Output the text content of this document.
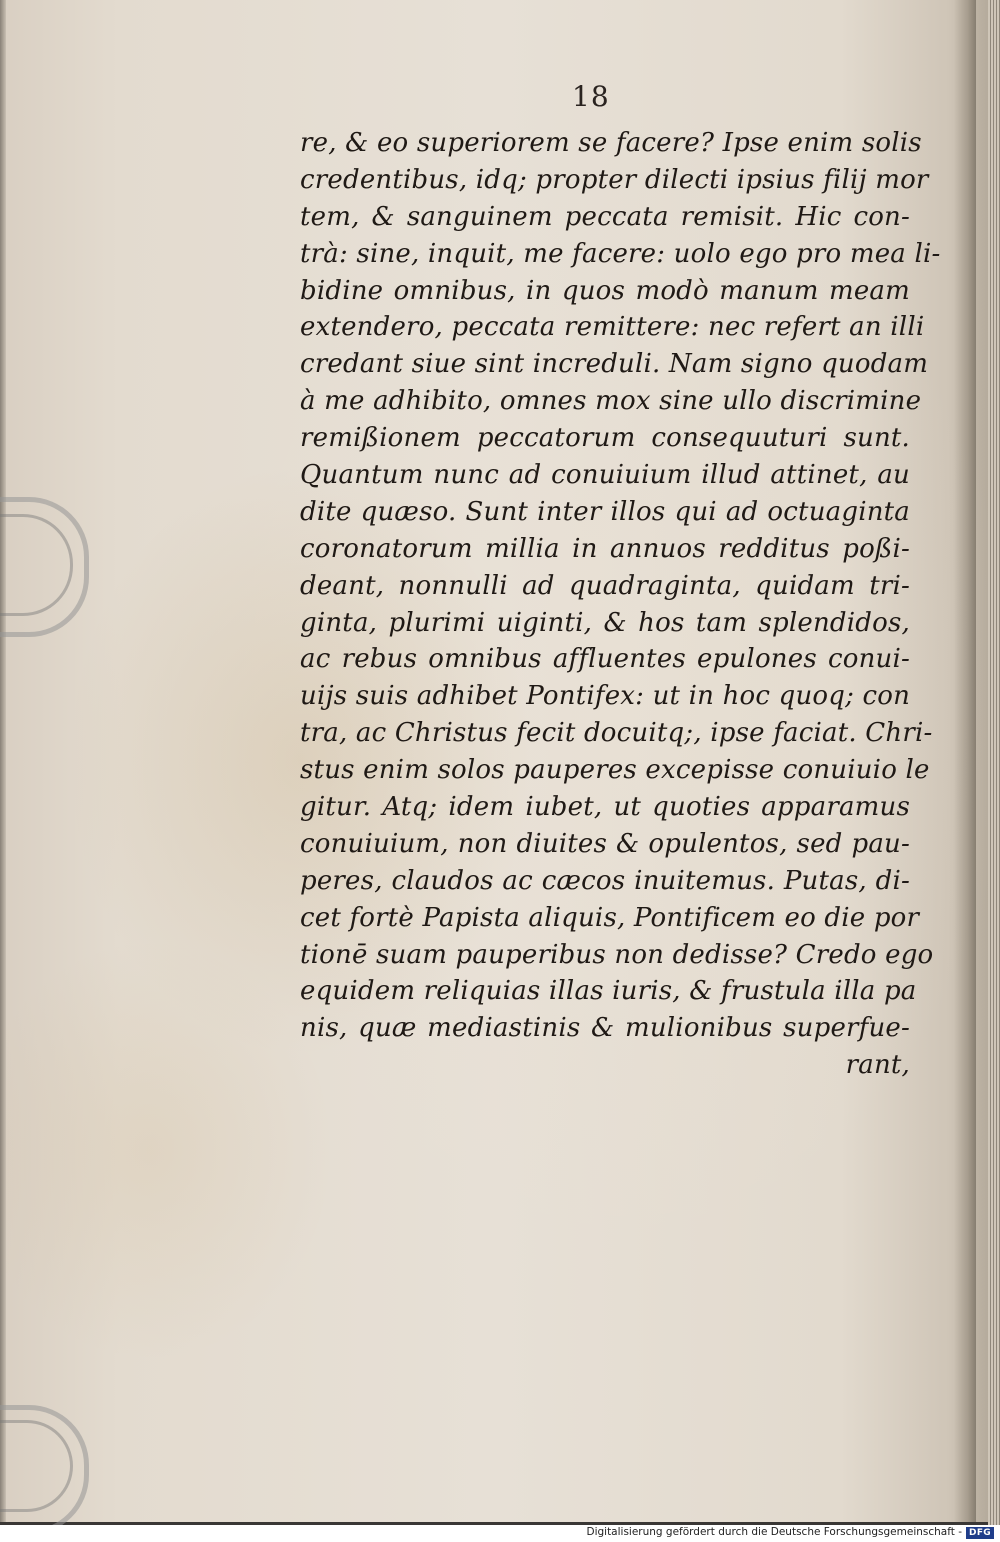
18
re, & eo superiorem se facere? Ipse enim solis
credentibus, idq; propter dilecti ipsius filij mor
tem, & sanguinem peccata remisit. Hic con-
trà: sine, inquit, me facere: uolo ego pro mea li-
bidine omnibus, in quos modò manum meam
extendero, peccata remittere: nec refert an illi
credant siue sint increduli. Nam signo quodam
à me adhibito, omnes mox sine ullo discrimine
remißionem peccatorum consequuturi sunt.
Quantum nunc ad conuiuium illud attinet, au
dite quæso. Sunt inter illos qui ad octuaginta
coronatorum millia in annuos redditus poßi-
deant, nonnulli ad quadraginta, quidam tri-
ginta, plurimi uiginti, & hos tam splendidos,
ac rebus omnibus affluentes epulones conui-
uijs suis adhibet Pontifex: ut in hoc quoq; con
tra, ac Christus fecit docuitq;, ipse faciat. Chri-
stus enim solos pauperes excepisse conuiuio le
gitur. Atq; idem iubet, ut quoties apparamus
conuiuium, non diuites & opulentos, sed pau-
peres, claudos ac cæcos inuitemus. Putas, di-
cet fortè Papista aliquis, Pontificem eo die por
tionē suam pauperibus non dedisse? Credo ego
equidem reliquias illas iuris, & frustula illa pa
nis, quæ mediastinis & mulionibus superfue-
rant,
Digitalisierung gefördert durch die Deutsche Forschungsgemeinschaft - DFG
